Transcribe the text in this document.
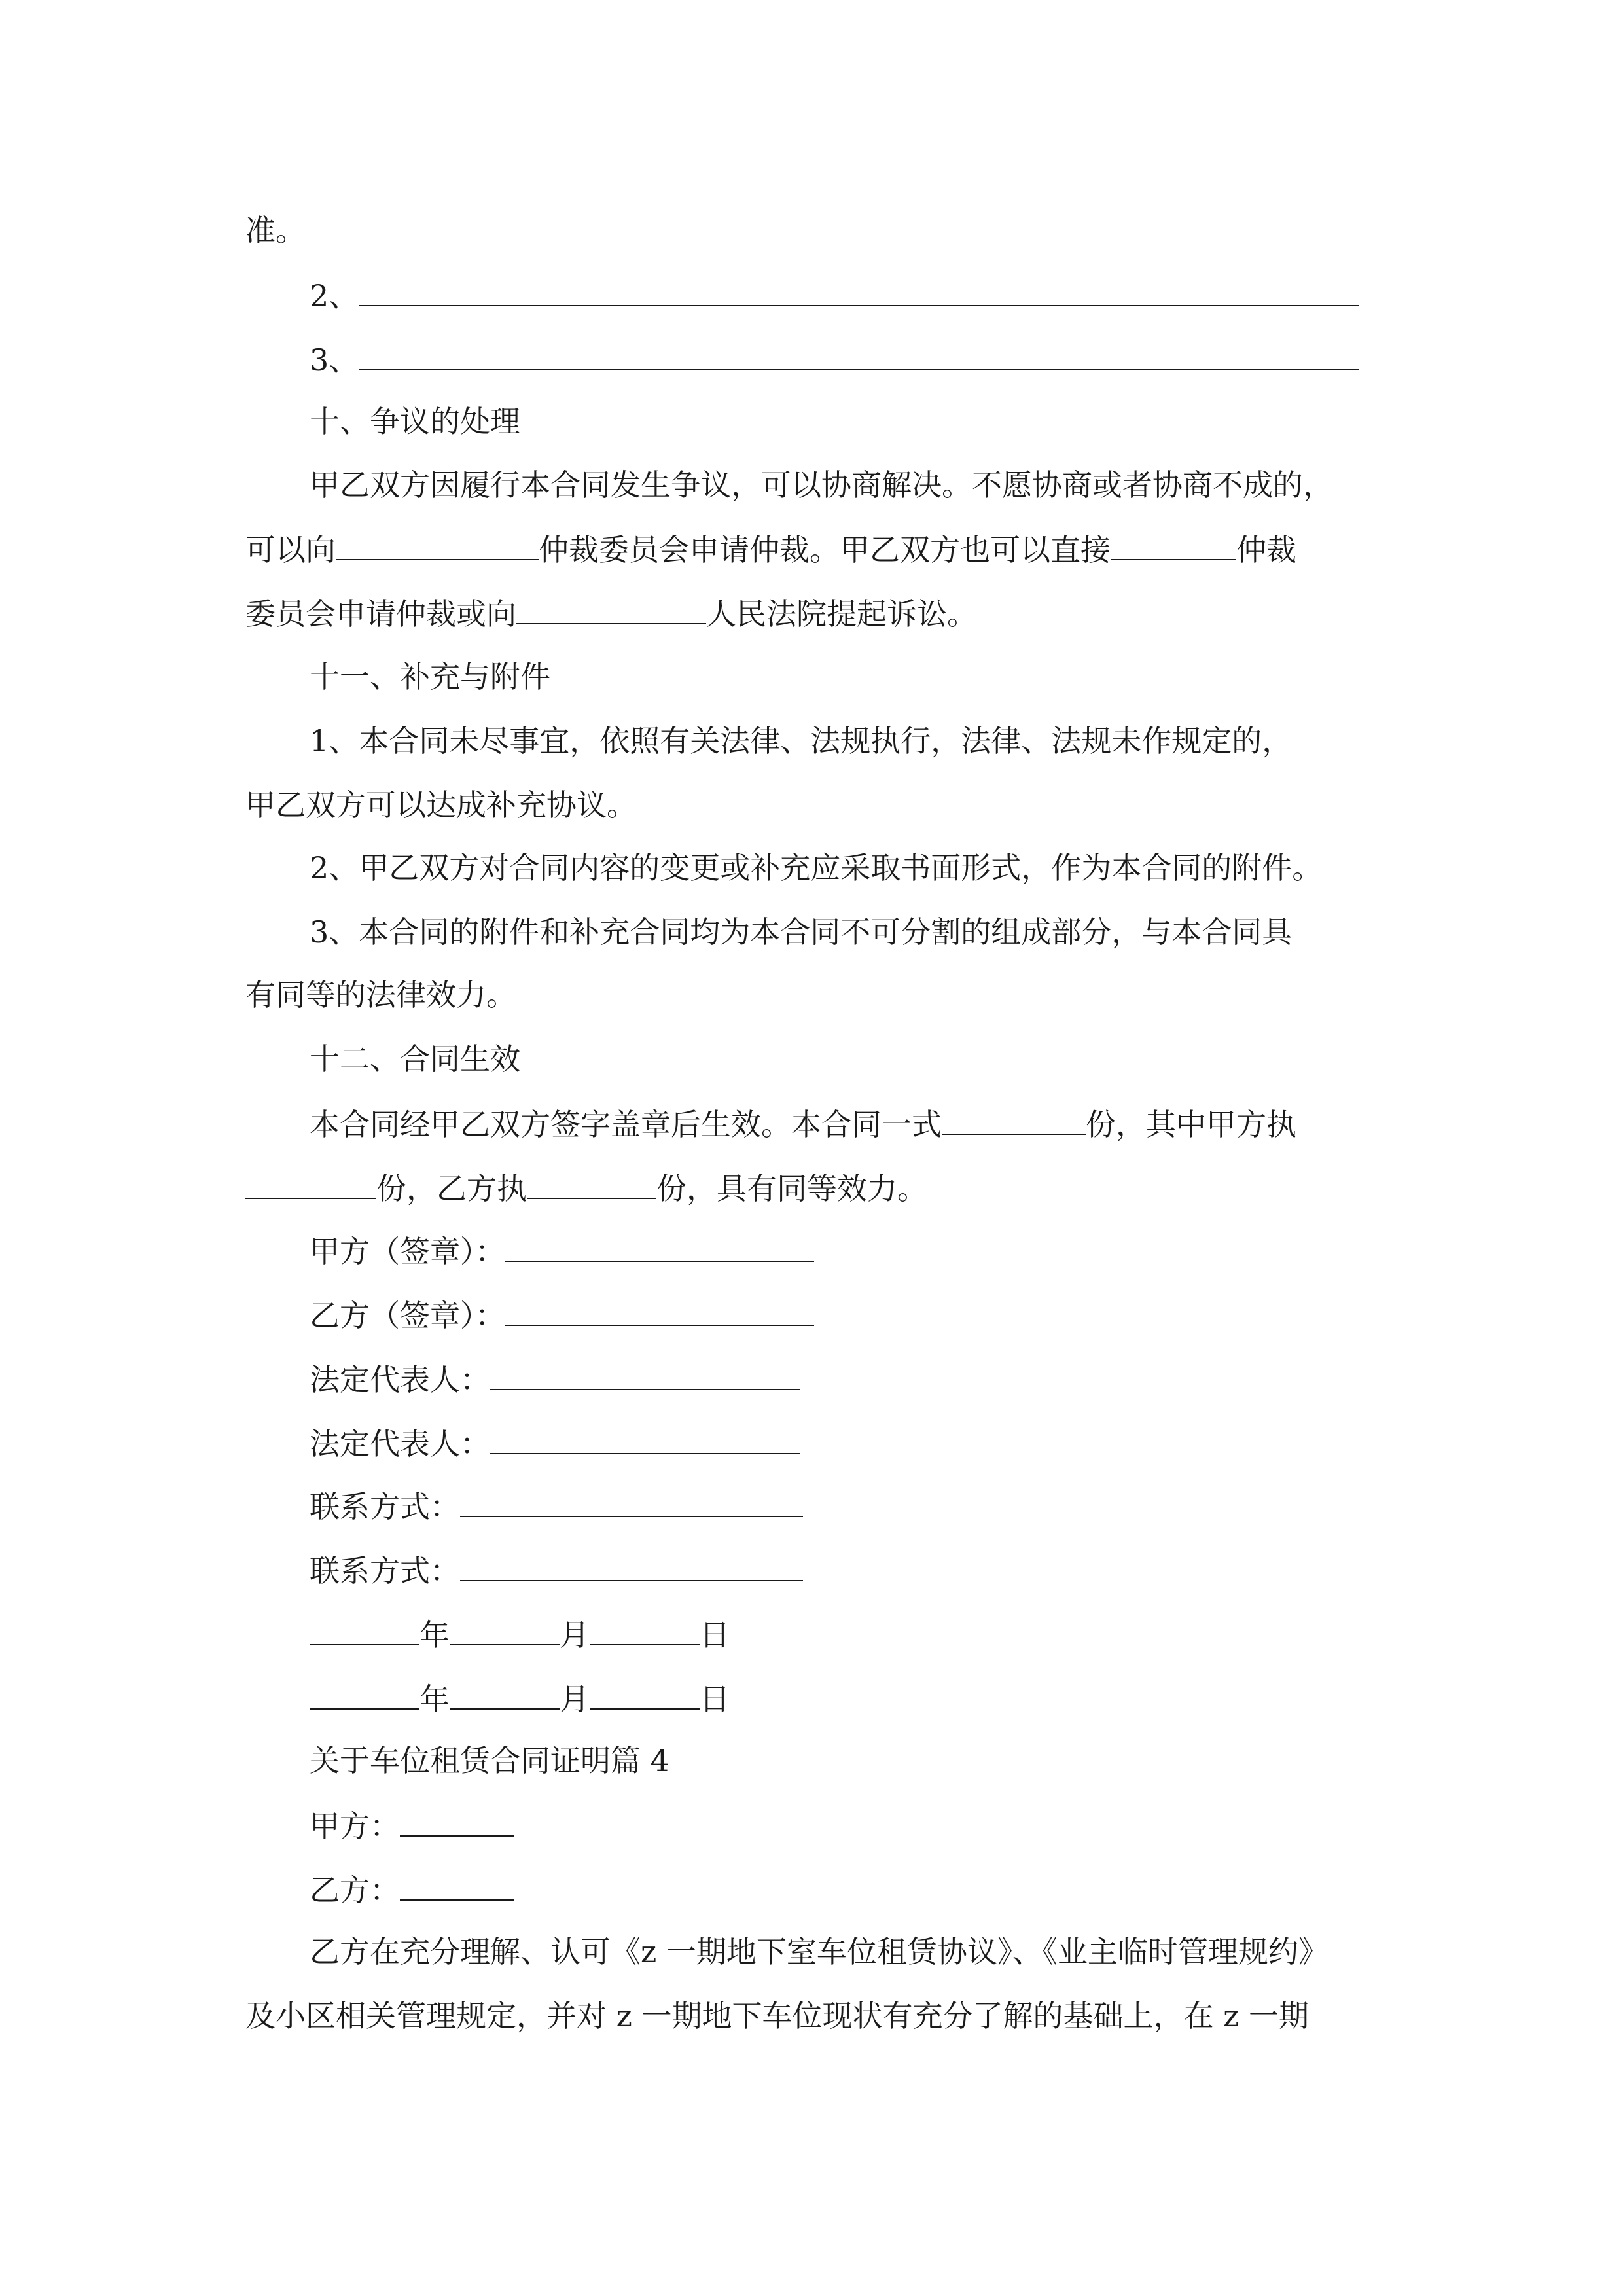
准。
2、
3、
十、争议的处理
甲乙双方因履行本合同发生争议，可以协商解决。不愿协商或者协商不成的，
可以向	仲裁委员会申请仲裁。甲乙双方也可以直接	仲裁
委员会申请仲裁或向	人民法院提起诉讼。
十一、补充与附件
1、本合同未尽事宜，依照有关法律、法规执行，法律、法规未作规定的，
甲乙双方可以达成补充协议。
2、甲乙双方对合同内容的变更或补充应采取书面形式，作为本合同的附件。
3、本合同的附件和补充合同均为本合同不可分割的组成部分，与本合同具
有同等的法律效力。
十二、合同生效
本合同经甲乙双方签字盖章后生效。本合同一式	份，其中甲方执
份，乙方执	份，具有同等效力。
甲方（签章）：
乙方（签章）：
法定代表人：
法定代表人：
联系方式：
联系方式：
年	月	日
年	月	日
关于车位租赁合同证明篇 4
甲方：
乙方：
乙方在充分理解、认可《z 一期地下室车位租赁协议》、《业主临时管理规约》
及小区相关管理规定，并对 z 一期地下车位现状有充分了解的基础上，在 z 一期
